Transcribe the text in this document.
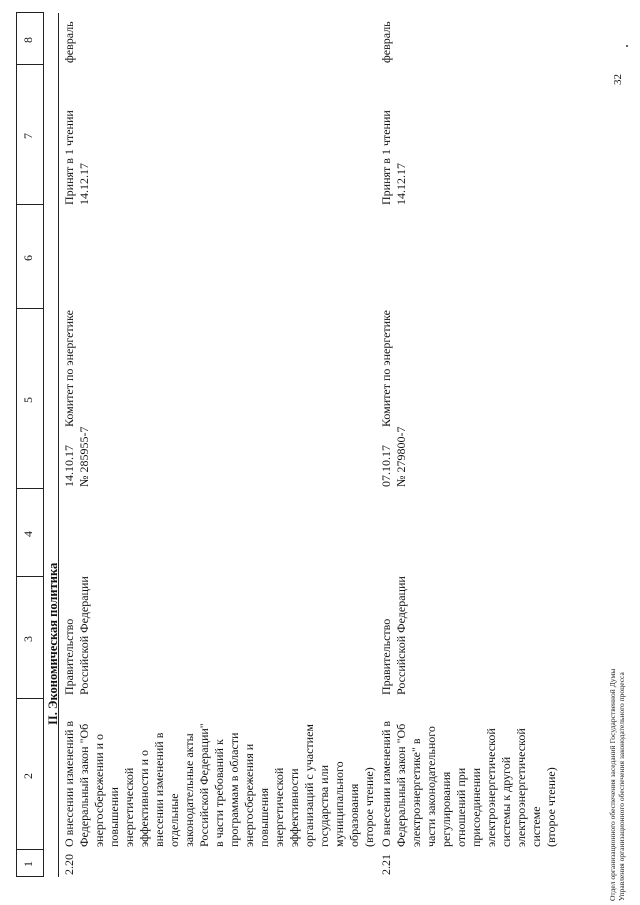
1
2
3
4
5
6
7
8
II. Экономическая политика
2.20
О внесении изменений в
Федеральный закон "Об
энергосбережении и о
повышении
энергетической
эффективности и о
внесении изменений в
отдельные
законодательные акты
Российской Федерации"
в части требований к
программам в области
энергосбережения и
повышения
энергетической
эффективности
организаций с участием
государства или
муниципального
образования
(второе чтение)
Правительство
Российской Федерации
14.10.17 № 285955-7
Комитет по энергетике
Принят в 1 чтении
14.12.17
февраль
2.21
О внесении изменений в
Федеральный закон "Об
электроэнергетике" в
части законодательного
регулирования
отношений при
присоединении
электроэнергетической
системы к другой
электроэнергетической
системе
(второе чтение)
Правительство
Российской Федерации
07.10.17 № 279800-7
Комитет по энергетике
Принят в 1 чтении
14.12.17
февраль
Отдел организационного обеспечения заседаний Государственной Думы
Управления организационного обеспечения законодательного процесса
32
